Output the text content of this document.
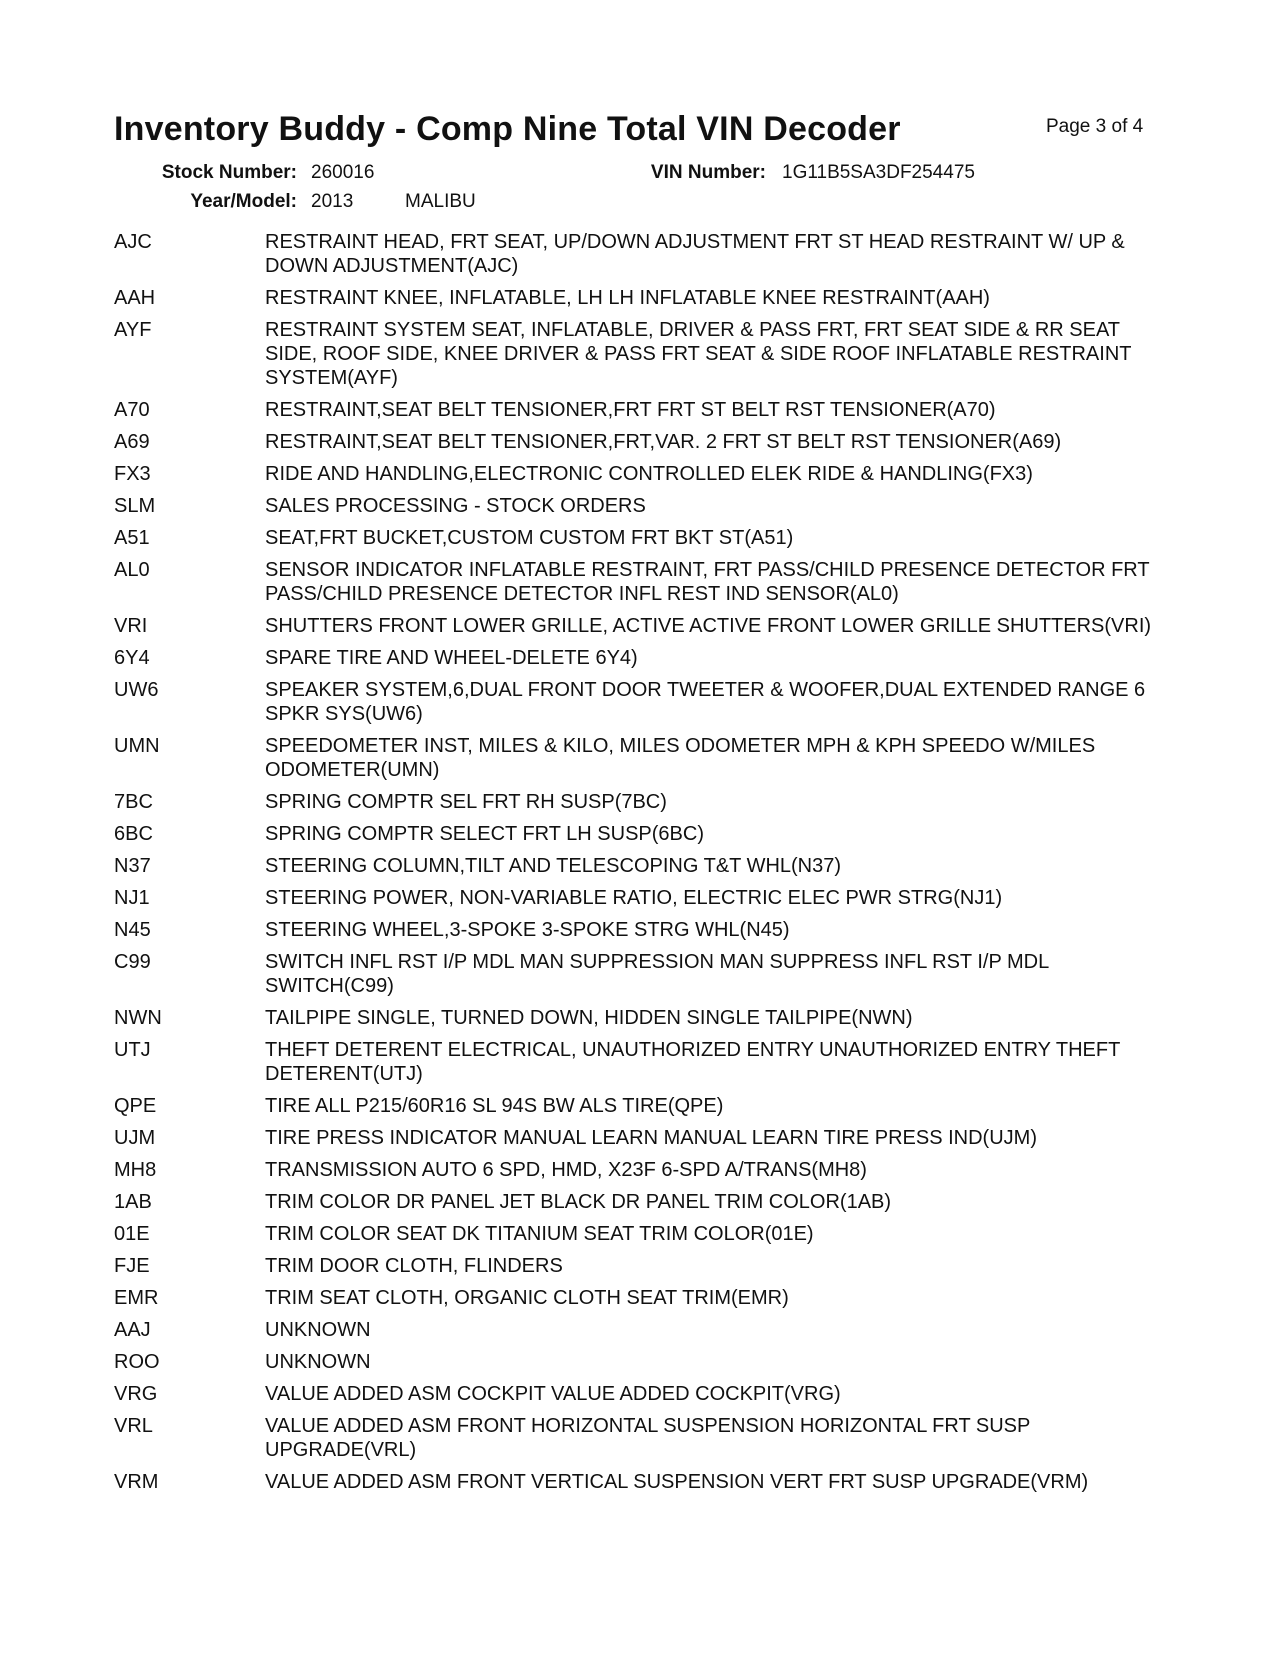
Inventory Buddy - Comp Nine Total VIN Decoder	Page 3 of 4
Stock Number: 260016	VIN Number: 1G11B5SA3DF254475
Year/Model: 2013	MALIBU
AJC	RESTRAINT HEAD, FRT SEAT, UP/DOWN ADJUSTMENT FRT ST HEAD RESTRAINT W/ UP & DOWN ADJUSTMENT(AJC)
AAH	RESTRAINT KNEE, INFLATABLE, LH LH INFLATABLE KNEE RESTRAINT(AAH)
AYF	RESTRAINT SYSTEM SEAT, INFLATABLE, DRIVER & PASS FRT, FRT SEAT SIDE & RR SEAT SIDE, ROOF SIDE, KNEE DRIVER & PASS FRT SEAT & SIDE ROOF INFLATABLE RESTRAINT SYSTEM(AYF)
A70	RESTRAINT,SEAT BELT TENSIONER,FRT FRT ST BELT RST TENSIONER(A70)
A69	RESTRAINT,SEAT BELT TENSIONER,FRT,VAR. 2 FRT ST BELT RST TENSIONER(A69)
FX3	RIDE AND HANDLING,ELECTRONIC CONTROLLED ELEK RIDE & HANDLING(FX3)
SLM	SALES PROCESSING - STOCK ORDERS
A51	SEAT,FRT BUCKET,CUSTOM CUSTOM FRT BKT ST(A51)
AL0	SENSOR INDICATOR INFLATABLE RESTRAINT, FRT PASS/CHILD PRESENCE DETECTOR FRT PASS/CHILD PRESENCE DETECTOR INFL REST IND SENSOR(AL0)
VRI	SHUTTERS FRONT LOWER GRILLE, ACTIVE ACTIVE FRONT LOWER GRILLE SHUTTERS(VRI)
6Y4	SPARE TIRE AND WHEEL-DELETE 6Y4)
UW6	SPEAKER SYSTEM,6,DUAL FRONT DOOR TWEETER & WOOFER,DUAL EXTENDED RANGE 6 SPKR SYS(UW6)
UMN	SPEEDOMETER INST, MILES & KILO, MILES ODOMETER MPH & KPH SPEEDO W/MILES ODOMETER(UMN)
7BC	SPRING COMPTR SEL FRT RH SUSP(7BC)
6BC	SPRING COMPTR SELECT FRT LH SUSP(6BC)
N37	STEERING COLUMN,TILT AND TELESCOPING T&T WHL(N37)
NJ1	STEERING POWER, NON-VARIABLE RATIO, ELECTRIC ELEC PWR STRG(NJ1)
N45	STEERING WHEEL,3-SPOKE 3-SPOKE STRG WHL(N45)
C99	SWITCH INFL RST I/P MDL MAN SUPPRESSION MAN SUPPRESS INFL RST I/P MDL SWITCH(C99)
NWN	TAILPIPE SINGLE, TURNED DOWN, HIDDEN SINGLE TAILPIPE(NWN)
UTJ	THEFT DETERENT ELECTRICAL, UNAUTHORIZED ENTRY UNAUTHORIZED ENTRY THEFT DETERENT(UTJ)
QPE	TIRE ALL P215/60R16 SL 94S BW ALS TIRE(QPE)
UJM	TIRE PRESS INDICATOR MANUAL LEARN MANUAL LEARN TIRE PRESS IND(UJM)
MH8	TRANSMISSION AUTO 6 SPD, HMD, X23F 6-SPD A/TRANS(MH8)
1AB	TRIM COLOR DR PANEL JET BLACK DR PANEL TRIM COLOR(1AB)
01E	TRIM COLOR SEAT DK TITANIUM SEAT TRIM COLOR(01E)
FJE	TRIM DOOR CLOTH, FLINDERS
EMR	TRIM SEAT CLOTH, ORGANIC CLOTH SEAT TRIM(EMR)
AAJ	UNKNOWN
ROO	UNKNOWN
VRG	VALUE ADDED ASM COCKPIT VALUE ADDED COCKPIT(VRG)
VRL	VALUE ADDED ASM FRONT HORIZONTAL SUSPENSION HORIZONTAL FRT SUSP UPGRADE(VRL)
VRM	VALUE ADDED ASM FRONT VERTICAL SUSPENSION VERT FRT SUSP UPGRADE(VRM)
